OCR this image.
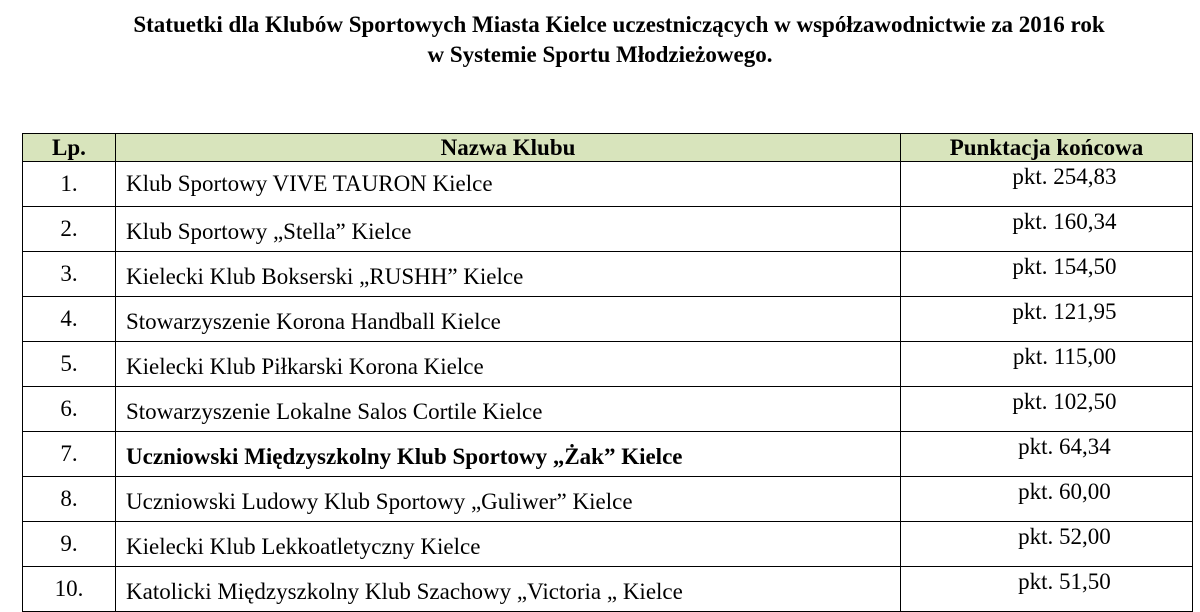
Statuetki dla Klubów Sportowych Miasta Kielce uczestniczących w współzawodnictwie za 2016 rok
w Systemie Sportu Młodzieżowego.
Lp.	Nazwa Klubu	Punktacja końcowa
1.	Klub Sportowy VIVE TAURON Kielce	pkt. 254,83
2.	Klub Sportowy „Stella” Kielce	pkt. 160,34
3.	Kielecki Klub Bokserski „RUSHH” Kielce	pkt. 154,50
4.	Stowarzyszenie Korona Handball Kielce	pkt. 121,95
5.	Kielecki Klub Piłkarski Korona Kielce	pkt. 115,00
6.	Stowarzyszenie Lokalne Salos Cortile Kielce	pkt. 102,50
7.	Uczniowski Międzyszkolny Klub Sportowy „Żak” Kielce	pkt. 64,34
8.	Uczniowski Ludowy Klub Sportowy „Guliwer” Kielce	pkt. 60,00
9.	Kielecki Klub Lekkoatletyczny Kielce	pkt. 52,00
10.	Katolicki Międzyszkolny Klub Szachowy „Victoria „ Kielce	pkt. 51,50
